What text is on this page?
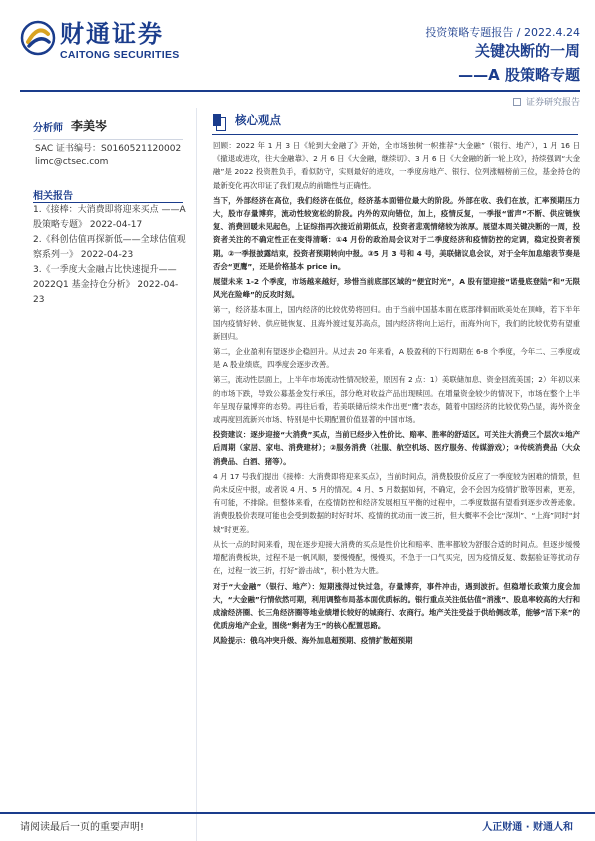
财通证券
CAITONG SECURITIES
投资策略专题报告 / 2022.4.24
关键决断的一周
——A 股策略专题
证券研究报告
分析师 李美岑
SAC 证书编号：S0160521120002
limc@ctsec.com
相关报告
1.《接棒：大消费即将迎来买点 ——A 股策略专题》 2022-04-17
2.《科创估值再探新低——全球估值观察系列一》 2022-04-23
3.《一季度大金融占比快速提升——2022Q1 基金持仓分析》 2022-04-23
核心观点

回顾：2022 年 1 月 3 日《轮到大金融了》开始，全市场独树一帜推荐“大金融”（银行、地产），1 月 16 日《撤退或进攻，往大金融靠》、2 月 6 日《大金融，继续切》、3 月 6 日《大金融的新一轮上攻》，持续强调“大金融”是 2022 投资胜负手，看似防守，实则最好的进攻，一季度房地产、银行、位列涨幅榜前三位，基金持仓的最新变化再次印证了我们观点的前瞻性与正确性。

当下，外部经济在高位，我们经济在低位，经济基本面错位最大的阶段。外部在收、我们在放，汇率预期压力大，股市存量博弈，流动性较宽松的阶段。内外的双向错位，加上，疫情反复，一季报“雷声”不断、供应链恢复、消费回暖未见起色，上证综指再次接近前期低点，投资者悲观情绪较为浓厚。展望本周关键决断的一周，投资者关注的不确定性正在变得清晰：①4 月份的政治局会议对于二季度经济和疫情防控的定调，稳定投资者预期。②一季报披露结束，投资者预期转向中报。③5 月 3 号和 4 号，美联储议息会议，对于全年加息缩表节奏是否会“更鹰”，还是价格基本 price in。

展望未来 1-2 个季度，市场越来越好，珍惜当前底部区域的“便宜时光”，A 股有望迎接“诺曼底登陆”和“无限风光在险峰”的反攻时刻。

第一，经济基本面上，国内经济的比较优势将回归。由于当前中国基本面在底部徘徊而欧美处在顶峰，若下半年国内疫情好转、供应链恢复、且海外渡过复苏高点，国内经济将向上运行，而海外向下，我们的比较优势有望重新回归。

第二，企业盈利有望逐步企稳回升。从过去 20 年来看，A 股盈利的下行周期在 6-8 个季度，今年二、三季度或是 A 股业绩底，四季度会逐步改善。

第三，流动性层面上，上半年市场流动性情况较差，原因有 2 点：1）美联储加息、资金回流美国；2）年初以来的市场下跌，导致公募基金发行承压，部分绝对收益产品出现赎回。在增量资金较少的情况下，市场在整个上半年呈现存量博弈的态势。再往后看，若美联储后续未作出更“鹰”表态，随着中国经济的比较优势凸显，海外资金或再度回流新兴市场、特别是中长期配置价值显著的中国市场。

投资建议：逐步迎接“大消费”买点，当前已经步入性价比、赔率、胜率的舒适区。可关注大消费三个层次①地产后周期（家居、家电、消费建材）；②服务消费（社服、航空机场、医疗服务、传媒游戏）；③传统消费品（大众消费品、白酒、猪等）。

4 月 17 号我们提出《接棒：大消费即将迎来买点》，当前时间点，消费股股价反应了一季度较为困难的情景，但尚未反应中报，或者说 4 月、5 月的情况。4 月、5 月数据如何，不确定，会不会因为疫情扩散等因素，更差，有可能，不排除。但整体来看，在疫情防控和经济发展相互平衡的过程中，二季度数据有望看到逐步改善迹象。消费股股价表现可能也会受到数据的时好时坏、疫情的扰动而一波三折，但大概率不会比“深圳”、“上海”同时“封城”时更差。

从长一点的时间来看，现在逐步迎接大消费的买点是性价比和赔率、胜率都较为舒服合适的时间点。但逐步缓慢增配消费板块，过程不是一帆风顺，要慢慢配，慢慢买，不急于一口气买完，因为疫情反复、数据验证等扰动存在，过程一波三折，打好“游击战”，积小胜为大胜。

对于“大金融”（银行、地产）：短期涨得过快过急，存量博弈，事件冲击，遇到波折。但稳增长政策力度会加大，“大金融”行情依然可期，利用调整布局基本面优质标的。银行重点关注低估值“消涨”、股息率较高的大行和成渝经济圈、长三角经济圈等地业绩增长较好的城商行、农商行。地产关注受益于供给侧改革，能够“活下来”的优质房地产企业，围绕“剩者为王”的核心配置思路。

风险提示：俄乌冲突升级、海外加息超预期、疫情扩散超预期

请阅读最后一页的重要声明!	人正财通 · 财通人和
